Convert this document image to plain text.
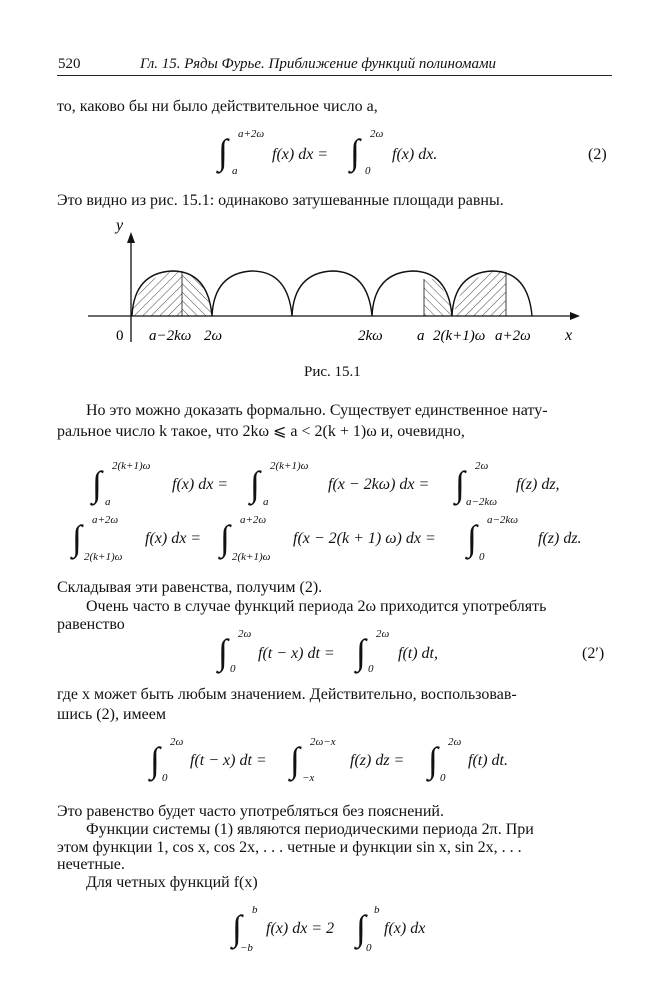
520	Гл. 15. Ряды Фурье. Приближение функций полиномами
то, каково бы ни было действительное число a,
∫ a+2ω
a
f(x) dx = ∫ 2ω
0
f(x) dx.	(2)
Это видно из рис. 15.1: одинаково затушеванные площади равны.
y
x
0 a−2kω 2ω	2kω a 2(k+1)ω a+2ω
Рис. 15.1
Но это можно доказать формально. Существует единственное нату-
ральное число k такое, что 2kω ⩽ a < 2(k + 1)ω и, очевидно,
∫ 2(k+1)ω
a
f(x) dx = ∫ 2(k+1)ω
a
f(x − 2kω) dx = ∫ 2ω
a−2kω
f(z) dz,
∫ a+2ω
2(k+1)ω
f(x) dx = ∫ a+2ω
2(k+1)ω
f(x − 2(k + 1) ω) dx = ∫ a−2kω
0
f(z) dz.
Складывая эти равенства, получим (2).
Очень часто в случае функций периода 2ω приходится употреблять
равенство
∫ 2ω
0
f(t − x) dt = ∫ 2ω
0
f(t) dt,	(2′)
где x может быть любым значением. Действительно, воспользовав-
шись (2), имеем
∫ 2ω
0
f(t − x) dt = ∫ 2ω−x
−x
f(z) dz = ∫ 2ω
0
f(t) dt.
Это равенство будет часто употребляться без пояснений.
Функции системы (1) являются периодическими периода 2π. При
этом функции 1, cos x, cos 2x, . . . четные и функции sin x, sin 2x, . . .
нечетные.
Для четных функций f(x)
∫ b
−b
f(x) dx = 2 ∫ b
0
f(x) dx
